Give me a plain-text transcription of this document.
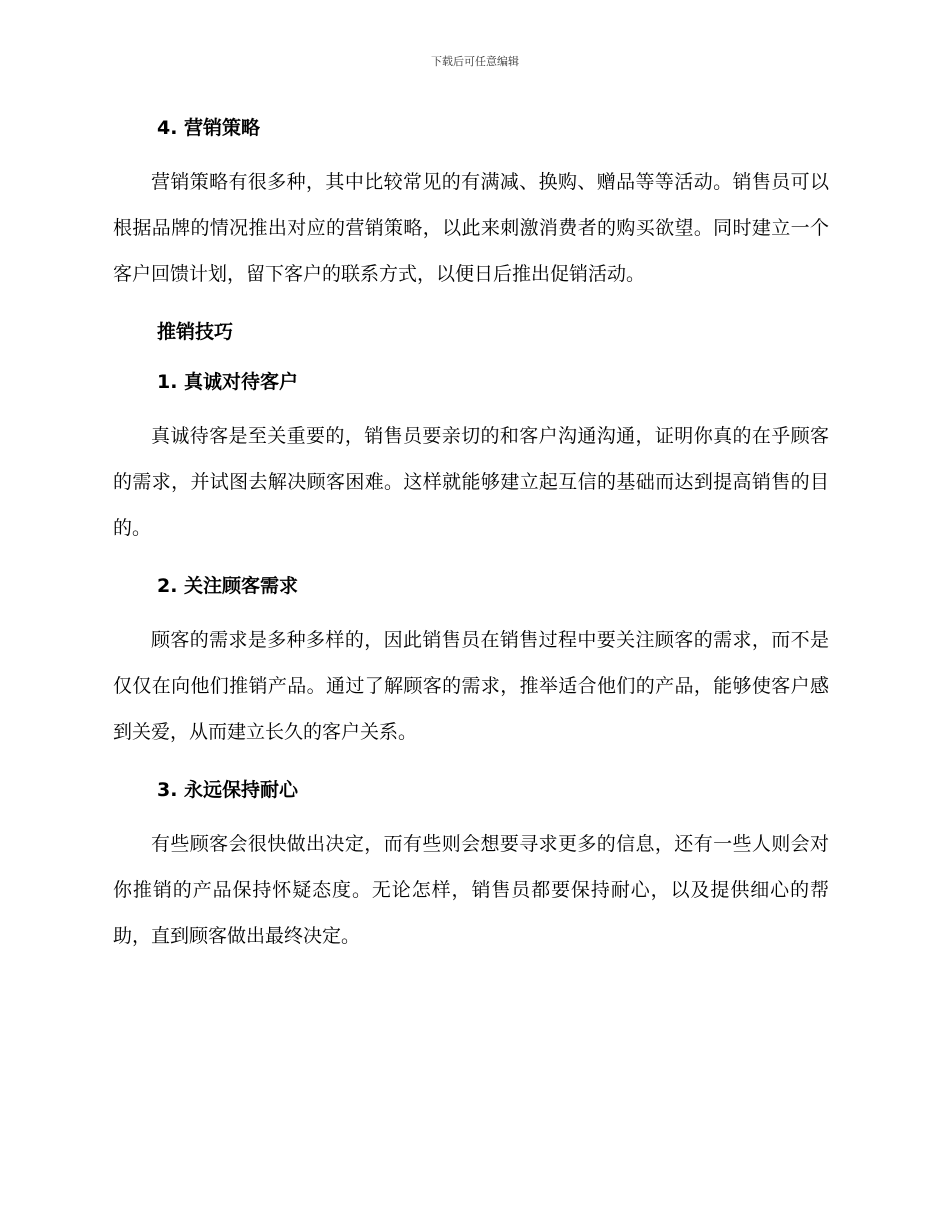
下载后可任意编辑
4. 营销策略

营销策略有很多种，其中比较常见的有满减、换购、赠品等等活动。销售员可以根据品牌的情况推出对应的营销策略，以此来刺激消费者的购买欲望。同时建立一个客户回馈计划，留下客户的联系方式，以便日后推出促销活动。

推销技巧
1. 真诚对待客户

真诚待客是至关重要的，销售员要亲切的和客户沟通沟通，证明你真的在乎顾客的需求，并试图去解决顾客困难。这样就能够建立起互信的基础而达到提高销售的目的。

2. 关注顾客需求

顾客的需求是多种多样的，因此销售员在销售过程中要关注顾客的需求，而不是仅仅在向他们推销产品。通过了解顾客的需求，推举适合他们的产品，能够使客户感到关爱，从而建立长久的客户关系。

3. 永远保持耐心

有些顾客会很快做出决定，而有些则会想要寻求更多的信息，还有一些人则会对你推销的产品保持怀疑态度。无论怎样，销售员都要保持耐心，以及提供细心的帮助，直到顾客做出最终决定。
